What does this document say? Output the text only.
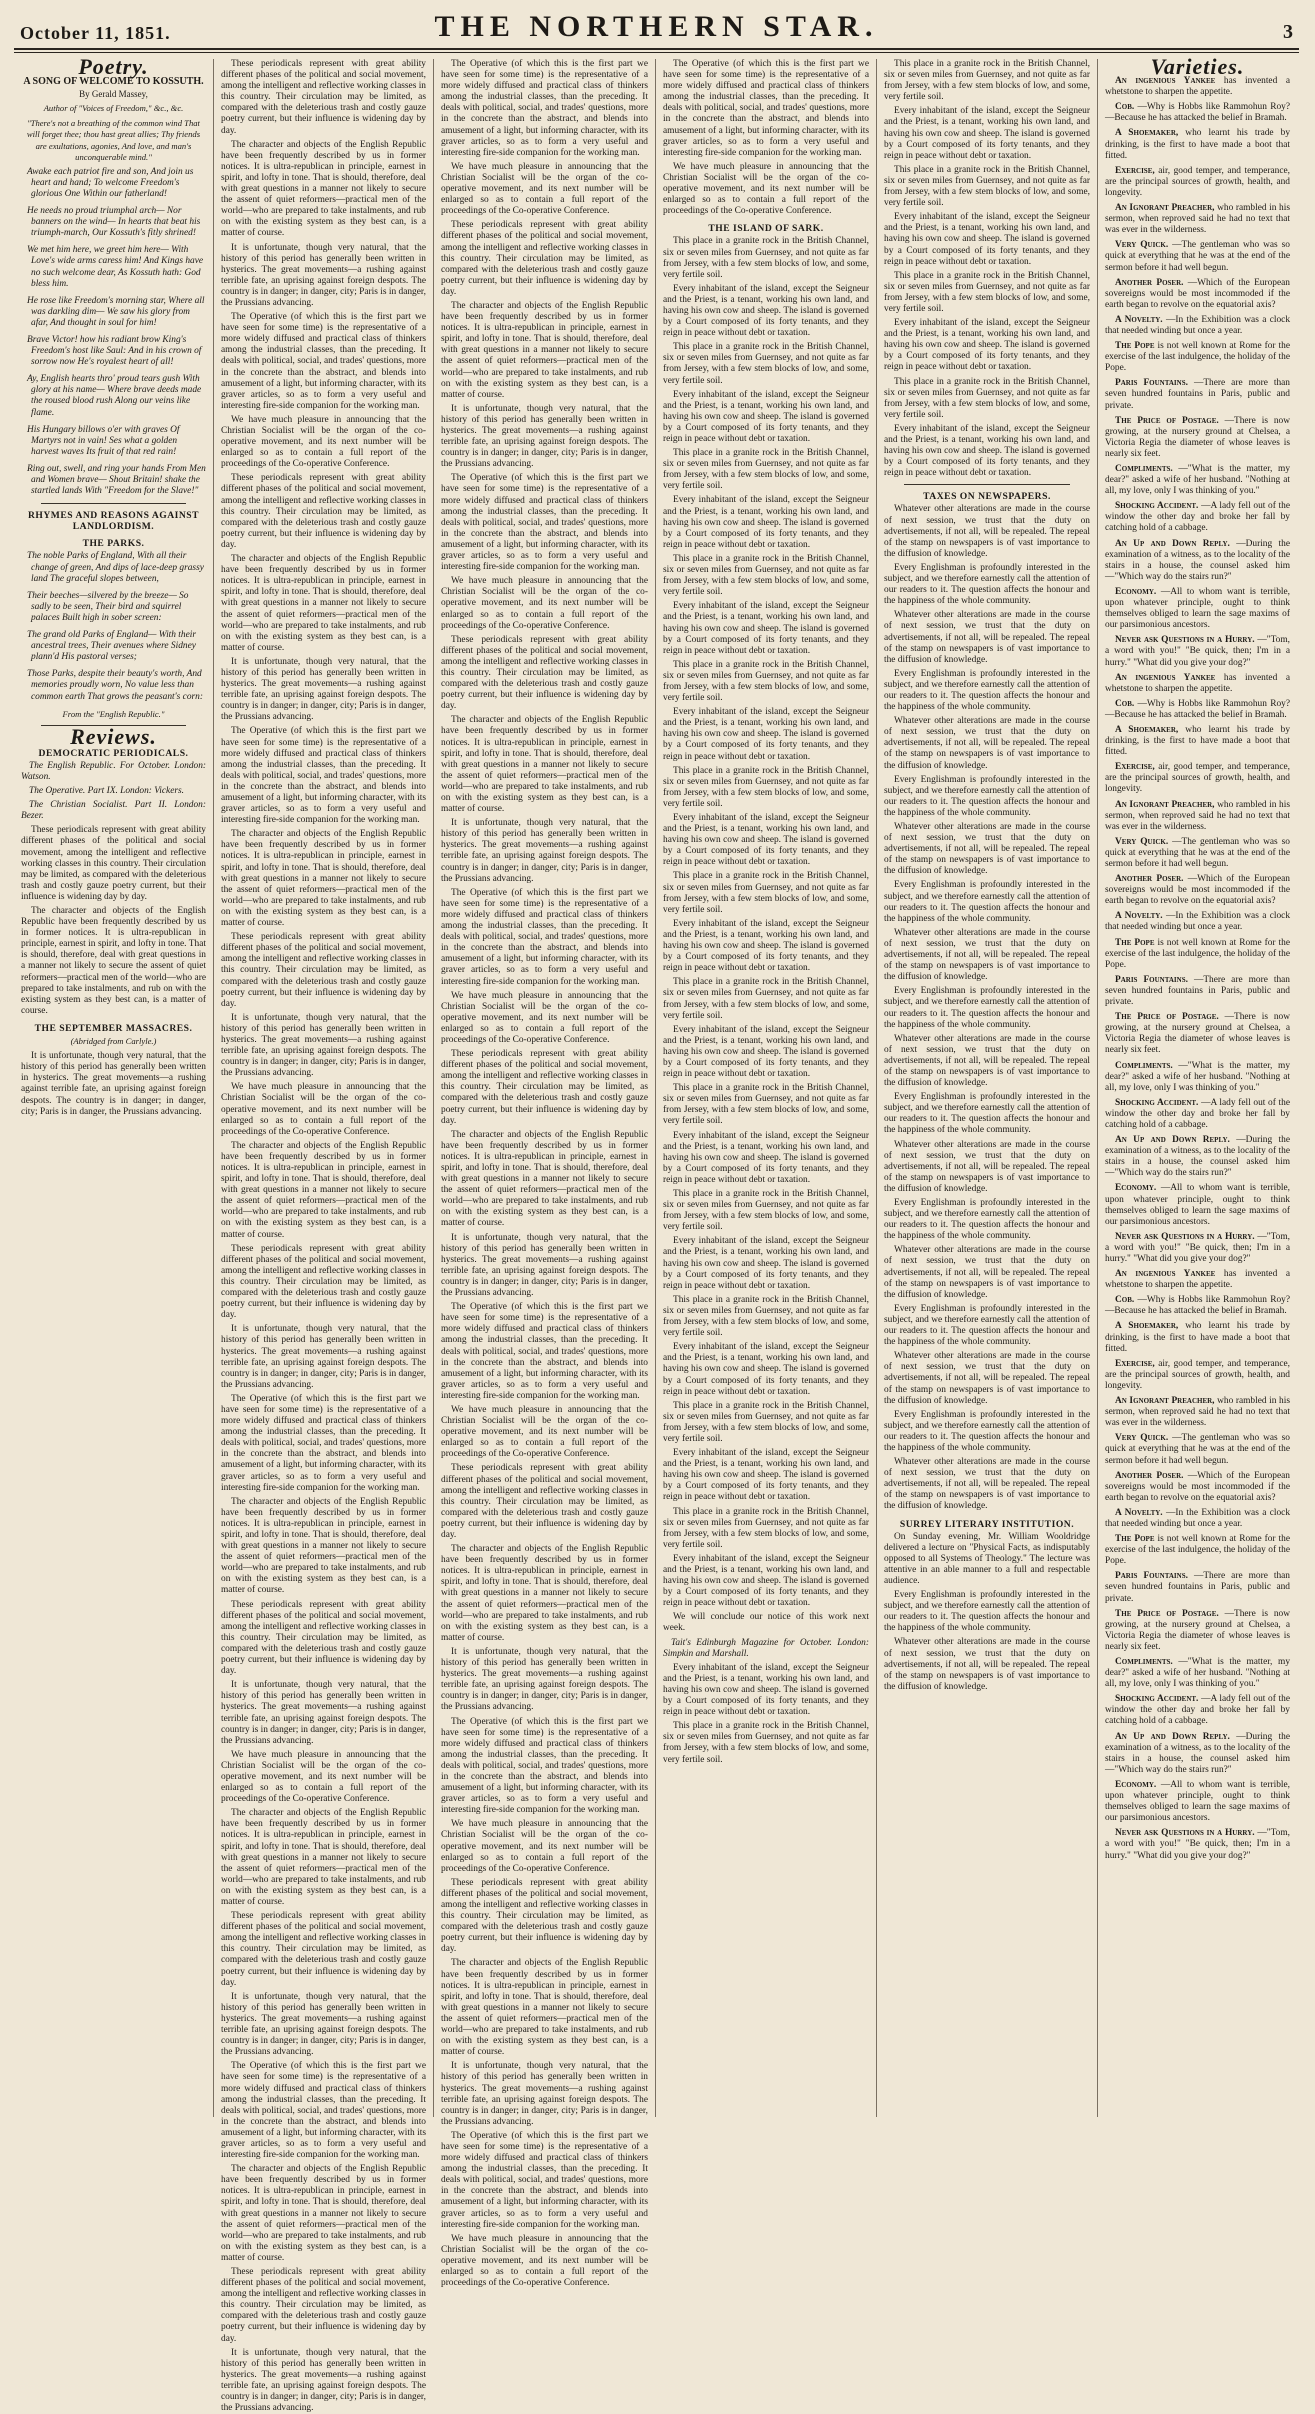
October 11, 1851.	THE NORTHERN STAR.	3
Poetry.
A SONG OF WELCOME TO KOSSUTH.
By Gerald Massey,
Author of "Voices of Freedom," &c., &c.
"There's not a breathing of the common wind That will forget thee; thou hast great allies; Thy friends are exultations, agonies, And love, and man's unconquerable mind."

Awake each patriot fire and son, And join us heart and hand; To welcome Freedom's glorious One Within our fatherland!

He needs no proud triumphal arch— Nor banners on the wind— In hearts that beat his triumph-march, Our Kossuth's fitly shrined!

We met him here, we greet him here— With Love's wide arms caress him! And Kings have no such welcome dear, As Kossuth hath: God bless him.

He rose like Freedom's morning star, Where all was darkling dim— We saw his glory from afar, And thought in soul for him!

Brave Victor! how his radiant brow King's Freedom's host like Saul: And in his crown of sorrow now He's royalest heart of all!

Ay, English hearts thro' proud tears gush With glory at his name— Where brave deeds made the roused blood rush Along our veins like flame.

His Hungary billows o'er with graves Of Martyrs not in vain! Ses what a golden harvest waves Its fruit of that red rain!

Ring out, swell, and ring your hands From Men and Women brave— Shout Britain! shake the startled lands With "Freedom for the Slave!"

RHYMES AND REASONS AGAINST LANDLORDISM.
THE PARKS.

The noble Parks of England, With all their change of green, And dips of lace-deep grassy land The graceful slopes between,

Their beeches—silvered by the breeze— So sadly to be seen, Their bird and squirrel palaces Built high in sober screen:

The grand old Parks of England— With their ancestral trees, Their avenues where Sidney plann'd His pastoral verses;

Those Parks, despite their beauty's worth, And memories proudly worn, No value less than common earth That grows the peasant's corn:

From the "English Republic."
Reviews.
DEMOCRATIC PERIODICALS.
The English Republic. For October. London: Watson.
The Operative. Part IX. London: Vickers.
The Christian Socialist. Part II. London: Bezer.
These periodicals represent with great ability different phases of the political and social movement, among the intelligent and reflective working classes in this country. Their circulation may be limited, as compared with the deleterious trash and costly gauze poetry current, but their influence is widening day by day.
The character and objects of the English Republic have been frequently described by us in former notices. It is ultra-republican in principle, earnest in spirit, and lofty in tone. That is should, therefore, deal with great questions in a manner not likely to secure the assent of quiet reformers—practical men of the world—who are prepared to take instalments, and rub on with the existing system as they best can, is a matter of course.
THE SEPTEMBER MASSACRES.
(Abridged from Carlyle.)
It is unfortunate, though very natural, that the history of this period has generally been written in hysterics. The great movements—a rushing against terrible fate, an uprising against foreign despots. The country is in danger; in danger, city; Paris is in danger, the Prussians advancing.
These periodicals represent with great ability different phases of the political and social movement, among the intelligent and reflective working classes in this country. Their circulation may be limited, as compared with the deleterious trash and costly gauze poetry current, but their influence is widening day by day.
The character and objects of the English Republic have been frequently described by us in former notices. It is ultra-republican in principle, earnest in spirit, and lofty in tone. That is should, therefore, deal with great questions in a manner not likely to secure the assent of quiet reformers—practical men of the world—who are prepared to take instalments, and rub on with the existing system as they best can, is a matter of course.
It is unfortunate, though very natural, that the history of this period has generally been written in hysterics. The great movements—a rushing against terrible fate, an uprising against foreign despots. The country is in danger; in danger, city; Paris is in danger, the Prussians advancing.
The Operative (of which this is the first part we have seen for some time) is the representative of a more widely diffused and practical class of thinkers among the industrial classes, than the preceding. It deals with political, social, and trades' questions, more in the concrete than the abstract, and blends into amusement of a light, but informing character, with its graver articles, so as to form a very useful and interesting fire-side companion for the working man.
We have much pleasure in announcing that the Christian Socialist will be the organ of the co-operative movement, and its next number will be enlarged so as to contain a full report of the proceedings of the Co-operative Conference.
These periodicals represent with great ability different phases of the political and social movement, among the intelligent and reflective working classes in this country. Their circulation may be limited, as compared with the deleterious trash and costly gauze poetry current, but their influence is widening day by day.
The character and objects of the English Republic have been frequently described by us in former notices. It is ultra-republican in principle, earnest in spirit, and lofty in tone. That is should, therefore, deal with great questions in a manner not likely to secure the assent of quiet reformers—practical men of the world—who are prepared to take instalments, and rub on with the existing system as they best can, is a matter of course.
It is unfortunate, though very natural, that the history of this period has generally been written in hysterics. The great movements—a rushing against terrible fate, an uprising against foreign despots. The country is in danger; in danger, city; Paris is in danger, the Prussians advancing.
The Operative (of which this is the first part we have seen for some time) is the representative of a more widely diffused and practical class of thinkers among the industrial classes, than the preceding. It deals with political, social, and trades' questions, more in the concrete than the abstract, and blends into amusement of a light, but informing character, with its graver articles, so as to form a very useful and interesting fire-side companion for the working man.
The character and objects of the English Republic have been frequently described by us in former notices. It is ultra-republican in principle, earnest in spirit, and lofty in tone. That is should, therefore, deal with great questions in a manner not likely to secure the assent of quiet reformers—practical men of the world—who are prepared to take instalments, and rub on with the existing system as they best can, is a matter of course.
These periodicals represent with great ability different phases of the political and social movement, among the intelligent and reflective working classes in this country. Their circulation may be limited, as compared with the deleterious trash and costly gauze poetry current, but their influence is widening day by day.
It is unfortunate, though very natural, that the history of this period has generally been written in hysterics. The great movements—a rushing against terrible fate, an uprising against foreign despots. The country is in danger; in danger, city; Paris is in danger, the Prussians advancing.
We have much pleasure in announcing that the Christian Socialist will be the organ of the co-operative movement, and its next number will be enlarged so as to contain a full report of the proceedings of the Co-operative Conference.
The character and objects of the English Republic have been frequently described by us in former notices. It is ultra-republican in principle, earnest in spirit, and lofty in tone. That is should, therefore, deal with great questions in a manner not likely to secure the assent of quiet reformers—practical men of the world—who are prepared to take instalments, and rub on with the existing system as they best can, is a matter of course.
These periodicals represent with great ability different phases of the political and social movement, among the intelligent and reflective working classes in this country. Their circulation may be limited, as compared with the deleterious trash and costly gauze poetry current, but their influence is widening day by day.
It is unfortunate, though very natural, that the history of this period has generally been written in hysterics. The great movements—a rushing against terrible fate, an uprising against foreign despots. The country is in danger; in danger, city; Paris is in danger, the Prussians advancing.
The Operative (of which this is the first part we have seen for some time) is the representative of a more widely diffused and practical class of thinkers among the industrial classes, than the preceding. It deals with political, social, and trades' questions, more in the concrete than the abstract, and blends into amusement of a light, but informing character, with its graver articles, so as to form a very useful and interesting fire-side companion for the working man.
The character and objects of the English Republic have been frequently described by us in former notices. It is ultra-republican in principle, earnest in spirit, and lofty in tone. That is should, therefore, deal with great questions in a manner not likely to secure the assent of quiet reformers—practical men of the world—who are prepared to take instalments, and rub on with the existing system as they best can, is a matter of course.
These periodicals represent with great ability different phases of the political and social movement, among the intelligent and reflective working classes in this country. Their circulation may be limited, as compared with the deleterious trash and costly gauze poetry current, but their influence is widening day by day.
It is unfortunate, though very natural, that the history of this period has generally been written in hysterics. The great movements—a rushing against terrible fate, an uprising against foreign despots. The country is in danger; in danger, city; Paris is in danger, the Prussians advancing.
We have much pleasure in announcing that the Christian Socialist will be the organ of the co-operative movement, and its next number will be enlarged so as to contain a full report of the proceedings of the Co-operative Conference.
The character and objects of the English Republic have been frequently described by us in former notices. It is ultra-republican in principle, earnest in spirit, and lofty in tone. That is should, therefore, deal with great questions in a manner not likely to secure the assent of quiet reformers—practical men of the world—who are prepared to take instalments, and rub on with the existing system as they best can, is a matter of course.
These periodicals represent with great ability different phases of the political and social movement, among the intelligent and reflective working classes in this country. Their circulation may be limited, as compared with the deleterious trash and costly gauze poetry current, but their influence is widening day by day.
It is unfortunate, though very natural, that the history of this period has generally been written in hysterics. The great movements—a rushing against terrible fate, an uprising against foreign despots. The country is in danger; in danger, city; Paris is in danger, the Prussians advancing.
The Operative (of which this is the first part we have seen for some time) is the representative of a more widely diffused and practical class of thinkers among the industrial classes, than the preceding. It deals with political, social, and trades' questions, more in the concrete than the abstract, and blends into amusement of a light, but informing character, with its graver articles, so as to form a very useful and interesting fire-side companion for the working man.
The character and objects of the English Republic have been frequently described by us in former notices. It is ultra-republican in principle, earnest in spirit, and lofty in tone. That is should, therefore, deal with great questions in a manner not likely to secure the assent of quiet reformers—practical men of the world—who are prepared to take instalments, and rub on with the existing system as they best can, is a matter of course.
These periodicals represent with great ability different phases of the political and social movement, among the intelligent and reflective working classes in this country. Their circulation may be limited, as compared with the deleterious trash and costly gauze poetry current, but their influence is widening day by day.
It is unfortunate, though very natural, that the history of this period has generally been written in hysterics. The great movements—a rushing against terrible fate, an uprising against foreign despots. The country is in danger; in danger, city; Paris is in danger, the Prussians advancing.
The Operative (of which this is the first part we have seen for some time) is the representative of a more widely diffused and practical class of thinkers among the industrial classes, than the preceding. It deals with political, social, and trades' questions, more in the concrete than the abstract, and blends into amusement of a light, but informing character, with its graver articles, so as to form a very useful and interesting fire-side companion for the working man.
We have much pleasure in announcing that the Christian Socialist will be the organ of the co-operative movement, and its next number will be enlarged so as to contain a full report of the proceedings of the Co-operative Conference.
These periodicals represent with great ability different phases of the political and social movement, among the intelligent and reflective working classes in this country. Their circulation may be limited, as compared with the deleterious trash and costly gauze poetry current, but their influence is widening day by day.
The character and objects of the English Republic have been frequently described by us in former notices. It is ultra-republican in principle, earnest in spirit, and lofty in tone. That is should, therefore, deal with great questions in a manner not likely to secure the assent of quiet reformers—practical men of the world—who are prepared to take instalments, and rub on with the existing system as they best can, is a matter of course.
It is unfortunate, though very natural, that the history of this period has generally been written in hysterics. The great movements—a rushing against terrible fate, an uprising against foreign despots. The country is in danger; in danger, city; Paris is in danger, the Prussians advancing.
The Operative (of which this is the first part we have seen for some time) is the representative of a more widely diffused and practical class of thinkers among the industrial classes, than the preceding. It deals with political, social, and trades' questions, more in the concrete than the abstract, and blends into amusement of a light, but informing character, with its graver articles, so as to form a very useful and interesting fire-side companion for the working man.
We have much pleasure in announcing that the Christian Socialist will be the organ of the co-operative movement, and its next number will be enlarged so as to contain a full report of the proceedings of the Co-operative Conference.
These periodicals represent with great ability different phases of the political and social movement, among the intelligent and reflective working classes in this country. Their circulation may be limited, as compared with the deleterious trash and costly gauze poetry current, but their influence is widening day by day.
The character and objects of the English Republic have been frequently described by us in former notices. It is ultra-republican in principle, earnest in spirit, and lofty in tone. That is should, therefore, deal with great questions in a manner not likely to secure the assent of quiet reformers—practical men of the world—who are prepared to take instalments, and rub on with the existing system as they best can, is a matter of course.
It is unfortunate, though very natural, that the history of this period has generally been written in hysterics. The great movements—a rushing against terrible fate, an uprising against foreign despots. The country is in danger; in danger, city; Paris is in danger, the Prussians advancing.
The Operative (of which this is the first part we have seen for some time) is the representative of a more widely diffused and practical class of thinkers among the industrial classes, than the preceding. It deals with political, social, and trades' questions, more in the concrete than the abstract, and blends into amusement of a light, but informing character, with its graver articles, so as to form a very useful and interesting fire-side companion for the working man.
We have much pleasure in announcing that the Christian Socialist will be the organ of the co-operative movement, and its next number will be enlarged so as to contain a full report of the proceedings of the Co-operative Conference.
These periodicals represent with great ability different phases of the political and social movement, among the intelligent and reflective working classes in this country. Their circulation may be limited, as compared with the deleterious trash and costly gauze poetry current, but their influence is widening day by day.
The character and objects of the English Republic have been frequently described by us in former notices. It is ultra-republican in principle, earnest in spirit, and lofty in tone. That is should, therefore, deal with great questions in a manner not likely to secure the assent of quiet reformers—practical men of the world—who are prepared to take instalments, and rub on with the existing system as they best can, is a matter of course.
It is unfortunate, though very natural, that the history of this period has generally been written in hysterics. The great movements—a rushing against terrible fate, an uprising against foreign despots. The country is in danger; in danger, city; Paris is in danger, the Prussians advancing.
The Operative (of which this is the first part we have seen for some time) is the representative of a more widely diffused and practical class of thinkers among the industrial classes, than the preceding. It deals with political, social, and trades' questions, more in the concrete than the abstract, and blends into amusement of a light, but informing character, with its graver articles, so as to form a very useful and interesting fire-side companion for the working man.
We have much pleasure in announcing that the Christian Socialist will be the organ of the co-operative movement, and its next number will be enlarged so as to contain a full report of the proceedings of the Co-operative Conference.
These periodicals represent with great ability different phases of the political and social movement, among the intelligent and reflective working classes in this country. Their circulation may be limited, as compared with the deleterious trash and costly gauze poetry current, but their influence is widening day by day.
The character and objects of the English Republic have been frequently described by us in former notices. It is ultra-republican in principle, earnest in spirit, and lofty in tone. That is should, therefore, deal with great questions in a manner not likely to secure the assent of quiet reformers—practical men of the world—who are prepared to take instalments, and rub on with the existing system as they best can, is a matter of course.
It is unfortunate, though very natural, that the history of this period has generally been written in hysterics. The great movements—a rushing against terrible fate, an uprising against foreign despots. The country is in danger; in danger, city; Paris is in danger, the Prussians advancing.
The Operative (of which this is the first part we have seen for some time) is the representative of a more widely diffused and practical class of thinkers among the industrial classes, than the preceding. It deals with political, social, and trades' questions, more in the concrete than the abstract, and blends into amusement of a light, but informing character, with its graver articles, so as to form a very useful and interesting fire-side companion for the working man.
We have much pleasure in announcing that the Christian Socialist will be the organ of the co-operative movement, and its next number will be enlarged so as to contain a full report of the proceedings of the Co-operative Conference.
These periodicals represent with great ability different phases of the political and social movement, among the intelligent and reflective working classes in this country. Their circulation may be limited, as compared with the deleterious trash and costly gauze poetry current, but their influence is widening day by day.
The character and objects of the English Republic have been frequently described by us in former notices. It is ultra-republican in principle, earnest in spirit, and lofty in tone. That is should, therefore, deal with great questions in a manner not likely to secure the assent of quiet reformers—practical men of the world—who are prepared to take instalments, and rub on with the existing system as they best can, is a matter of course.
It is unfortunate, though very natural, that the history of this period has generally been written in hysterics. The great movements—a rushing against terrible fate, an uprising against foreign despots. The country is in danger; in danger, city; Paris is in danger, the Prussians advancing.
The Operative (of which this is the first part we have seen for some time) is the representative of a more widely diffused and practical class of thinkers among the industrial classes, than the preceding. It deals with political, social, and trades' questions, more in the concrete than the abstract, and blends into amusement of a light, but informing character, with its graver articles, so as to form a very useful and interesting fire-side companion for the working man.
We have much pleasure in announcing that the Christian Socialist will be the organ of the co-operative movement, and its next number will be enlarged so as to contain a full report of the proceedings of the Co-operative Conference.
The Operative (of which this is the first part we have seen for some time) is the representative of a more widely diffused and practical class of thinkers among the industrial classes, than the preceding. It deals with political, social, and trades' questions, more in the concrete than the abstract, and blends into amusement of a light, but informing character, with its graver articles, so as to form a very useful and interesting fire-side companion for the working man.
We have much pleasure in announcing that the Christian Socialist will be the organ of the co-operative movement, and its next number will be enlarged so as to contain a full report of the proceedings of the Co-operative Conference.
THE ISLAND OF SARK.
This place in a granite rock in the British Channel, six or seven miles from Guernsey, and not quite as far from Jersey, with a few stem blocks of low, and some, very fertile soil.
Every inhabitant of the island, except the Seigneur and the Priest, is a tenant, working his own land, and having his own cow and sheep. The island is governed by a Court composed of its forty tenants, and they reign in peace without debt or taxation.
This place in a granite rock in the British Channel, six or seven miles from Guernsey, and not quite as far from Jersey, with a few stem blocks of low, and some, very fertile soil.
Every inhabitant of the island, except the Seigneur and the Priest, is a tenant, working his own land, and having his own cow and sheep. The island is governed by a Court composed of its forty tenants, and they reign in peace without debt or taxation.
This place in a granite rock in the British Channel, six or seven miles from Guernsey, and not quite as far from Jersey, with a few stem blocks of low, and some, very fertile soil.
Every inhabitant of the island, except the Seigneur and the Priest, is a tenant, working his own land, and having his own cow and sheep. The island is governed by a Court composed of its forty tenants, and they reign in peace without debt or taxation.
This place in a granite rock in the British Channel, six or seven miles from Guernsey, and not quite as far from Jersey, with a few stem blocks of low, and some, very fertile soil.
Every inhabitant of the island, except the Seigneur and the Priest, is a tenant, working his own land, and having his own cow and sheep. The island is governed by a Court composed of its forty tenants, and they reign in peace without debt or taxation.
This place in a granite rock in the British Channel, six or seven miles from Guernsey, and not quite as far from Jersey, with a few stem blocks of low, and some, very fertile soil.
Every inhabitant of the island, except the Seigneur and the Priest, is a tenant, working his own land, and having his own cow and sheep. The island is governed by a Court composed of its forty tenants, and they reign in peace without debt or taxation.
This place in a granite rock in the British Channel, six or seven miles from Guernsey, and not quite as far from Jersey, with a few stem blocks of low, and some, very fertile soil.
Every inhabitant of the island, except the Seigneur and the Priest, is a tenant, working his own land, and having his own cow and sheep. The island is governed by a Court composed of its forty tenants, and they reign in peace without debt or taxation.
This place in a granite rock in the British Channel, six or seven miles from Guernsey, and not quite as far from Jersey, with a few stem blocks of low, and some, very fertile soil.
Every inhabitant of the island, except the Seigneur and the Priest, is a tenant, working his own land, and having his own cow and sheep. The island is governed by a Court composed of its forty tenants, and they reign in peace without debt or taxation.
This place in a granite rock in the British Channel, six or seven miles from Guernsey, and not quite as far from Jersey, with a few stem blocks of low, and some, very fertile soil.
Every inhabitant of the island, except the Seigneur and the Priest, is a tenant, working his own land, and having his own cow and sheep. The island is governed by a Court composed of its forty tenants, and they reign in peace without debt or taxation.
This place in a granite rock in the British Channel, six or seven miles from Guernsey, and not quite as far from Jersey, with a few stem blocks of low, and some, very fertile soil.
Every inhabitant of the island, except the Seigneur and the Priest, is a tenant, working his own land, and having his own cow and sheep. The island is governed by a Court composed of its forty tenants, and they reign in peace without debt or taxation.
This place in a granite rock in the British Channel, six or seven miles from Guernsey, and not quite as far from Jersey, with a few stem blocks of low, and some, very fertile soil.
Every inhabitant of the island, except the Seigneur and the Priest, is a tenant, working his own land, and having his own cow and sheep. The island is governed by a Court composed of its forty tenants, and they reign in peace without debt or taxation.
This place in a granite rock in the British Channel, six or seven miles from Guernsey, and not quite as far from Jersey, with a few stem blocks of low, and some, very fertile soil.
Every inhabitant of the island, except the Seigneur and the Priest, is a tenant, working his own land, and having his own cow and sheep. The island is governed by a Court composed of its forty tenants, and they reign in peace without debt or taxation.
This place in a granite rock in the British Channel, six or seven miles from Guernsey, and not quite as far from Jersey, with a few stem blocks of low, and some, very fertile soil.
Every inhabitant of the island, except the Seigneur and the Priest, is a tenant, working his own land, and having his own cow and sheep. The island is governed by a Court composed of its forty tenants, and they reign in peace without debt or taxation.
This place in a granite rock in the British Channel, six or seven miles from Guernsey, and not quite as far from Jersey, with a few stem blocks of low, and some, very fertile soil.
Every inhabitant of the island, except the Seigneur and the Priest, is a tenant, working his own land, and having his own cow and sheep. The island is governed by a Court composed of its forty tenants, and they reign in peace without debt or taxation.
We will conclude our notice of this work next week.
Tait's Edinburgh Magazine for October. London: Simpkin and Marshall.
Every inhabitant of the island, except the Seigneur and the Priest, is a tenant, working his own land, and having his own cow and sheep. The island is governed by a Court composed of its forty tenants, and they reign in peace without debt or taxation.
This place in a granite rock in the British Channel, six or seven miles from Guernsey, and not quite as far from Jersey, with a few stem blocks of low, and some, very fertile soil.
This place in a granite rock in the British Channel, six or seven miles from Guernsey, and not quite as far from Jersey, with a few stem blocks of low, and some, very fertile soil.
Every inhabitant of the island, except the Seigneur and the Priest, is a tenant, working his own land, and having his own cow and sheep. The island is governed by a Court composed of its forty tenants, and they reign in peace without debt or taxation.
This place in a granite rock in the British Channel, six or seven miles from Guernsey, and not quite as far from Jersey, with a few stem blocks of low, and some, very fertile soil.
Every inhabitant of the island, except the Seigneur and the Priest, is a tenant, working his own land, and having his own cow and sheep. The island is governed by a Court composed of its forty tenants, and they reign in peace without debt or taxation.
This place in a granite rock in the British Channel, six or seven miles from Guernsey, and not quite as far from Jersey, with a few stem blocks of low, and some, very fertile soil.
Every inhabitant of the island, except the Seigneur and the Priest, is a tenant, working his own land, and having his own cow and sheep. The island is governed by a Court composed of its forty tenants, and they reign in peace without debt or taxation.
This place in a granite rock in the British Channel, six or seven miles from Guernsey, and not quite as far from Jersey, with a few stem blocks of low, and some, very fertile soil.
Every inhabitant of the island, except the Seigneur and the Priest, is a tenant, working his own land, and having his own cow and sheep. The island is governed by a Court composed of its forty tenants, and they reign in peace without debt or taxation.
TAXES ON NEWSPAPERS.
Whatever other alterations are made in the course of next session, we trust that the duty on advertisements, if not all, will be repealed. The repeal of the stamp on newspapers is of vast importance to the diffusion of knowledge.
Every Englishman is profoundly interested in the subject, and we therefore earnestly call the attention of our readers to it. The question affects the honour and the happiness of the whole community.
Whatever other alterations are made in the course of next session, we trust that the duty on advertisements, if not all, will be repealed. The repeal of the stamp on newspapers is of vast importance to the diffusion of knowledge.
Every Englishman is profoundly interested in the subject, and we therefore earnestly call the attention of our readers to it. The question affects the honour and the happiness of the whole community.
Whatever other alterations are made in the course of next session, we trust that the duty on advertisements, if not all, will be repealed. The repeal of the stamp on newspapers is of vast importance to the diffusion of knowledge.
Every Englishman is profoundly interested in the subject, and we therefore earnestly call the attention of our readers to it. The question affects the honour and the happiness of the whole community.
Whatever other alterations are made in the course of next session, we trust that the duty on advertisements, if not all, will be repealed. The repeal of the stamp on newspapers is of vast importance to the diffusion of knowledge.
Every Englishman is profoundly interested in the subject, and we therefore earnestly call the attention of our readers to it. The question affects the honour and the happiness of the whole community.
Whatever other alterations are made in the course of next session, we trust that the duty on advertisements, if not all, will be repealed. The repeal of the stamp on newspapers is of vast importance to the diffusion of knowledge.
Every Englishman is profoundly interested in the subject, and we therefore earnestly call the attention of our readers to it. The question affects the honour and the happiness of the whole community.
Whatever other alterations are made in the course of next session, we trust that the duty on advertisements, if not all, will be repealed. The repeal of the stamp on newspapers is of vast importance to the diffusion of knowledge.
Every Englishman is profoundly interested in the subject, and we therefore earnestly call the attention of our readers to it. The question affects the honour and the happiness of the whole community.
Whatever other alterations are made in the course of next session, we trust that the duty on advertisements, if not all, will be repealed. The repeal of the stamp on newspapers is of vast importance to the diffusion of knowledge.
Every Englishman is profoundly interested in the subject, and we therefore earnestly call the attention of our readers to it. The question affects the honour and the happiness of the whole community.
Whatever other alterations are made in the course of next session, we trust that the duty on advertisements, if not all, will be repealed. The repeal of the stamp on newspapers is of vast importance to the diffusion of knowledge.
Every Englishman is profoundly interested in the subject, and we therefore earnestly call the attention of our readers to it. The question affects the honour and the happiness of the whole community.
Whatever other alterations are made in the course of next session, we trust that the duty on advertisements, if not all, will be repealed. The repeal of the stamp on newspapers is of vast importance to the diffusion of knowledge.
Every Englishman is profoundly interested in the subject, and we therefore earnestly call the attention of our readers to it. The question affects the honour and the happiness of the whole community.
Whatever other alterations are made in the course of next session, we trust that the duty on advertisements, if not all, will be repealed. The repeal of the stamp on newspapers is of vast importance to the diffusion of knowledge.
SURREY LITERARY INSTITUTION.
On Sunday evening, Mr. William Wooldridge delivered a lecture on "Physical Facts, as indisputably opposed to all Systems of Theology." The lecture was attentive in an able manner to a full and respectable audience.
Every Englishman is profoundly interested in the subject, and we therefore earnestly call the attention of our readers to it. The question affects the honour and the happiness of the whole community.
Whatever other alterations are made in the course of next session, we trust that the duty on advertisements, if not all, will be repealed. The repeal of the stamp on newspapers is of vast importance to the diffusion of knowledge.
Varieties.
An ingenious Yankee has invented a whetstone to sharpen the appetite.
Cob. —Why is Hobbs like Rammohun Roy?—Because he has attacked the belief in Bramah.
A Shoemaker, who learnt his trade by drinking, is the first to have made a boot that fitted.
Exercise, air, good temper, and temperance, are the principal sources of growth, health, and longevity.
An Ignorant Preacher, who rambled in his sermon, when reproved said he had no text that was ever in the wilderness.
Very Quick. —The gentleman who was so quick at everything that he was at the end of the sermon before it had well begun.
Another Poser. —Which of the European sovereigns would be most incommoded if the earth began to revolve on the equatorial axis?
A Novelty. —In the Exhibition was a clock that needed winding but once a year.
The Pope is not well known at Rome for the exercise of the last indulgence, the holiday of the Pope.
Paris Fountains. —There are more than seven hundred fountains in Paris, public and private.
The Price of Postage. —There is now growing, at the nursery ground at Chelsea, a Victoria Regia the diameter of whose leaves is nearly six feet.
Compliments. —"What is the matter, my dear?" asked a wife of her husband. "Nothing at all, my love, only I was thinking of you."
Shocking Accident. —A lady fell out of the window the other day and broke her fall by catching hold of a cabbage.
An Up and Down Reply. —During the examination of a witness, as to the locality of the stairs in a house, the counsel asked him—"Which way do the stairs run?"
Economy. —All to whom want is terrible, upon whatever principle, ought to think themselves obliged to learn the sage maxims of our parsimonious ancestors.
Never ask Questions in a Hurry. —"Tom, a word with you!" "Be quick, then; I'm in a hurry." "What did you give your dog?"
An ingenious Yankee has invented a whetstone to sharpen the appetite.
Cob. —Why is Hobbs like Rammohun Roy?—Because he has attacked the belief in Bramah.
A Shoemaker, who learnt his trade by drinking, is the first to have made a boot that fitted.
Exercise, air, good temper, and temperance, are the principal sources of growth, health, and longevity.
An Ignorant Preacher, who rambled in his sermon, when reproved said he had no text that was ever in the wilderness.
Very Quick. —The gentleman who was so quick at everything that he was at the end of the sermon before it had well begun.
Another Poser. —Which of the European sovereigns would be most incommoded if the earth began to revolve on the equatorial axis?
A Novelty. —In the Exhibition was a clock that needed winding but once a year.
The Pope is not well known at Rome for the exercise of the last indulgence, the holiday of the Pope.
Paris Fountains. —There are more than seven hundred fountains in Paris, public and private.
The Price of Postage. —There is now growing, at the nursery ground at Chelsea, a Victoria Regia the diameter of whose leaves is nearly six feet.
Compliments. —"What is the matter, my dear?" asked a wife of her husband. "Nothing at all, my love, only I was thinking of you."
Shocking Accident. —A lady fell out of the window the other day and broke her fall by catching hold of a cabbage.
An Up and Down Reply. —During the examination of a witness, as to the locality of the stairs in a house, the counsel asked him—"Which way do the stairs run?"
Economy. —All to whom want is terrible, upon whatever principle, ought to think themselves obliged to learn the sage maxims of our parsimonious ancestors.
Never ask Questions in a Hurry. —"Tom, a word with you!" "Be quick, then; I'm in a hurry." "What did you give your dog?"
An ingenious Yankee has invented a whetstone to sharpen the appetite.
Cob. —Why is Hobbs like Rammohun Roy?—Because he has attacked the belief in Bramah.
A Shoemaker, who learnt his trade by drinking, is the first to have made a boot that fitted.
Exercise, air, good temper, and temperance, are the principal sources of growth, health, and longevity.
An Ignorant Preacher, who rambled in his sermon, when reproved said he had no text that was ever in the wilderness.
Very Quick. —The gentleman who was so quick at everything that he was at the end of the sermon before it had well begun.
Another Poser. —Which of the European sovereigns would be most incommoded if the earth began to revolve on the equatorial axis?
A Novelty. —In the Exhibition was a clock that needed winding but once a year.
The Pope is not well known at Rome for the exercise of the last indulgence, the holiday of the Pope.
Paris Fountains. —There are more than seven hundred fountains in Paris, public and private.
The Price of Postage. —There is now growing, at the nursery ground at Chelsea, a Victoria Regia the diameter of whose leaves is nearly six feet.
Compliments. —"What is the matter, my dear?" asked a wife of her husband. "Nothing at all, my love, only I was thinking of you."
Shocking Accident. —A lady fell out of the window the other day and broke her fall by catching hold of a cabbage.
An Up and Down Reply. —During the examination of a witness, as to the locality of the stairs in a house, the counsel asked him—"Which way do the stairs run?"
Economy. —All to whom want is terrible, upon whatever principle, ought to think themselves obliged to learn the sage maxims of our parsimonious ancestors.
Never ask Questions in a Hurry. —"Tom, a word with you!" "Be quick, then; I'm in a hurry." "What did you give your dog?"
